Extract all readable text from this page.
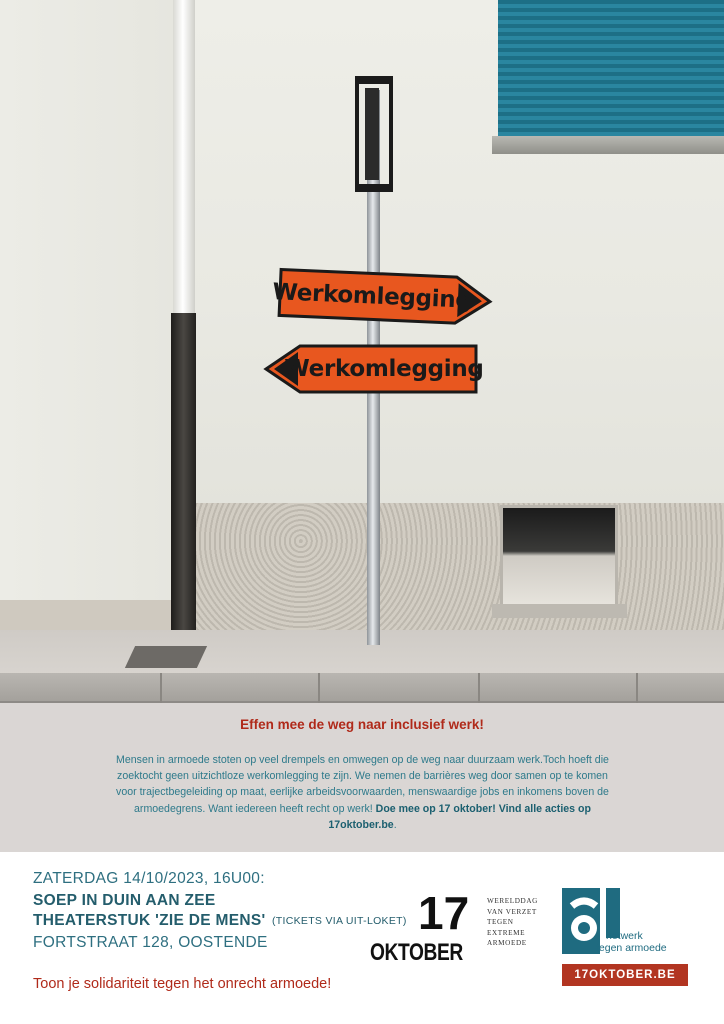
Werkomlegging
Werkomlegging
Effen mee de weg naar inclusief werk!
Mensen in armoede stoten op veel drempels en omwegen op de weg naar duurzaam werk.Toch hoeft die zoektocht geen uitzichtloze werkomlegging te zijn. We nemen de barrières weg door samen op te komen voor trajectbegeleiding op maat, eerlijke arbeidsvoorwaarden, menswaardige jobs en inkomens boven de armoedegrens. Want iedereen heeft recht op werk! Doe mee op 17 oktober! Vind alle acties op 17oktober.be.
ZATERDAG 14/10/2023, 16U00:
SOEP IN DUIN AAN ZEE
THEATERSTUK 'ZIE DE MENS' (TICKETS VIA UIT-LOKET)
FORTSTRAAT 128, OOSTENDE
Toon je solidariteit tegen het onrecht armoede!
17
OKTOBER
WERELDDAG
VAN VERZET
TEGEN
EXTREME
ARMOEDE
netwerk
tegen armoede
17OKTOBER.BE
